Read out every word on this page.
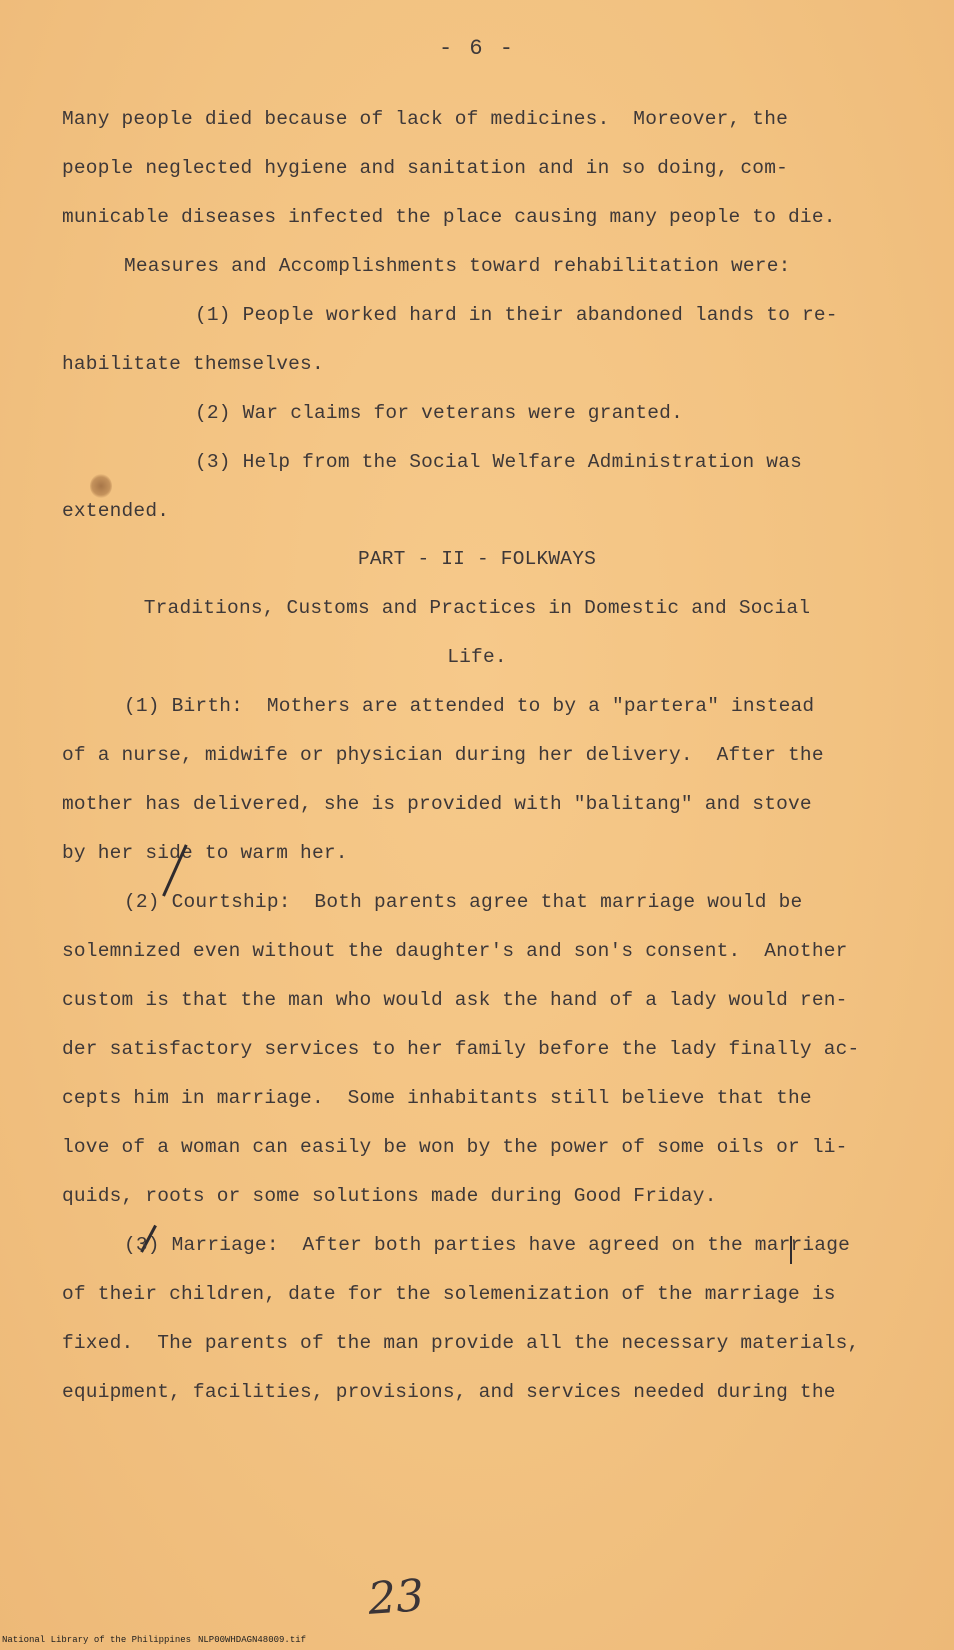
- 6 -
Many people died because of lack of medicines.  Moreover, the
people neglected hygiene and sanitation and in so doing, com-
municable diseases infected the place causing many people to die.
Measures and Accomplishments toward rehabilitation were:
(1) People worked hard in their abandoned lands to re-
habilitate themselves.
(2) War claims for veterans were granted.
(3) Help from the Social Welfare Administration was
extended.
PART - II - FOLKWAYS
Traditions, Customs and Practices in Domestic and Social
Life.
(1) Birth:  Mothers are attended to by a "partera" instead
of a nurse, midwife or physician during her delivery.  After the
mother has delivered, she is provided with "balitang" and stove
by her side to warm her.
(2) Courtship:  Both parents agree that marriage would be
solemnized even without the daughter's and son's consent.  Another
custom is that the man who would ask the hand of a lady would ren-
der satisfactory services to her family before the lady finally ac-
cepts him in marriage.  Some inhabitants still believe that the
love of a woman can easily be won by the power of some oils or li-
quids, roots or some solutions made during Good Friday.
(3) Marriage:  After both parties have agreed on the marriage
of their children, date for the solemenization of the marriage is
fixed.  The parents of the man provide all the necessary materials,
equipment, facilities, provisions, and services needed during the
23
National Library of the Philippines NLP00WHDAGN48009.tif
